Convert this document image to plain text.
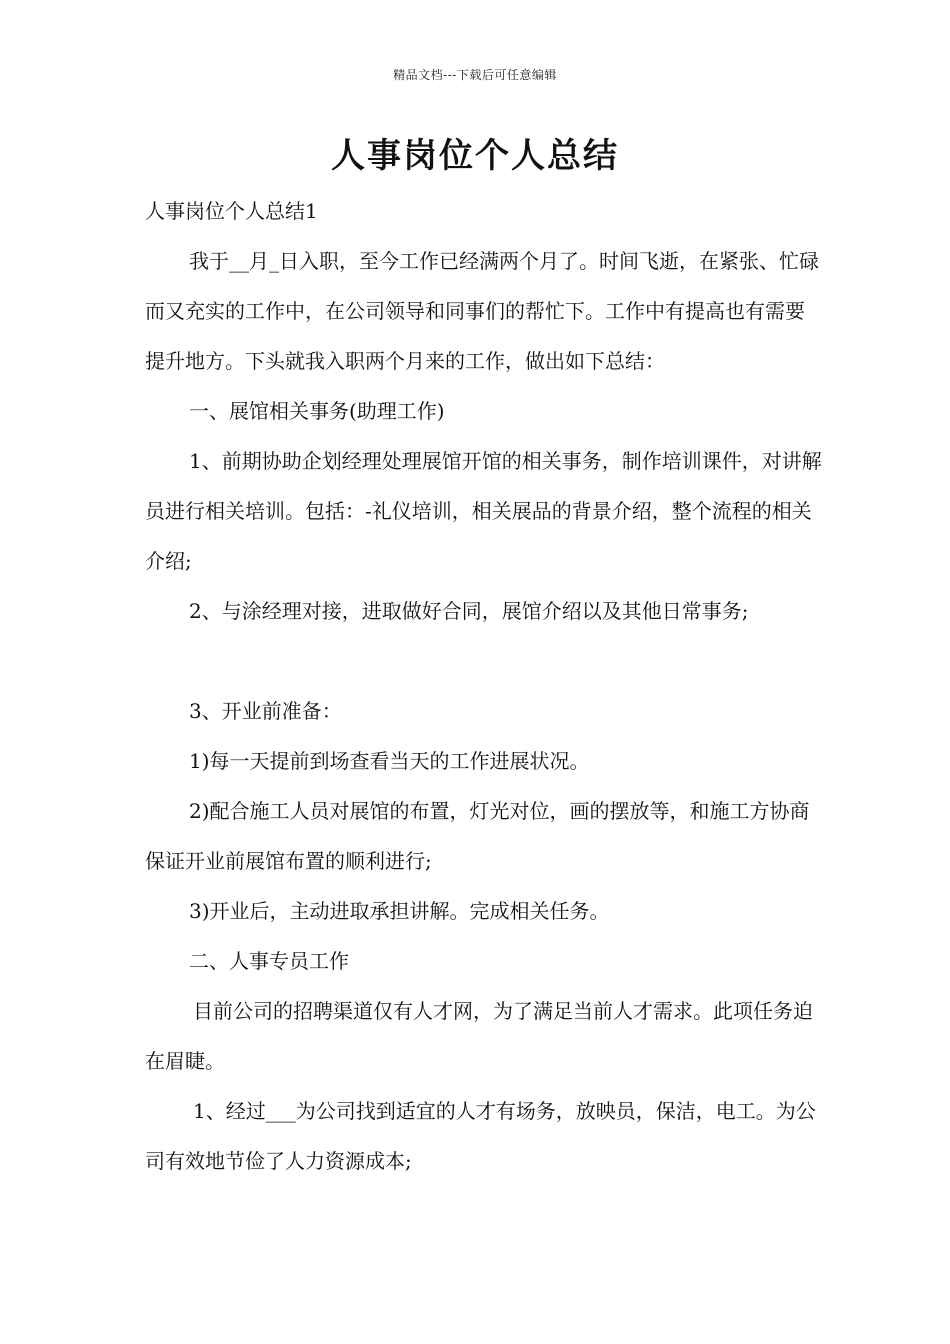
精品文档---下载后可任意编辑
人事岗位个人总结

人事岗位个人总结1

我于__月_日入职，至今工作已经满两个月了。时间飞逝，在紧张、忙碌而又充实的工作中，在公司领导和同事们的帮忙下。工作中有提高也有需要提升地方。下头就我入职两个月来的工作，做出如下总结：

一、展馆相关事务(助理工作)

1、前期协助企划经理处理展馆开馆的相关事务，制作培训课件，对讲解员进行相关培训。包括：-礼仪培训，相关展品的背景介绍，整个流程的相关介绍;

2、与涂经理对接，进取做好合同，展馆介绍以及其他日常事务;

3、开业前准备：

1)每一天提前到场查看当天的工作进展状况。

2)配合施工人员对展馆的布置，灯光对位，画的摆放等，和施工方协商保证开业前展馆布置的顺利进行;

3)开业后，主动进取承担讲解。完成相关任务。

二、人事专员工作

目前公司的招聘渠道仅有人才网，为了满足当前人才需求。此项任务迫在眉睫。

1、经过___为公司找到适宜的人才有场务，放映员，保洁，电工。为公司有效地节俭了人力资源成本;
